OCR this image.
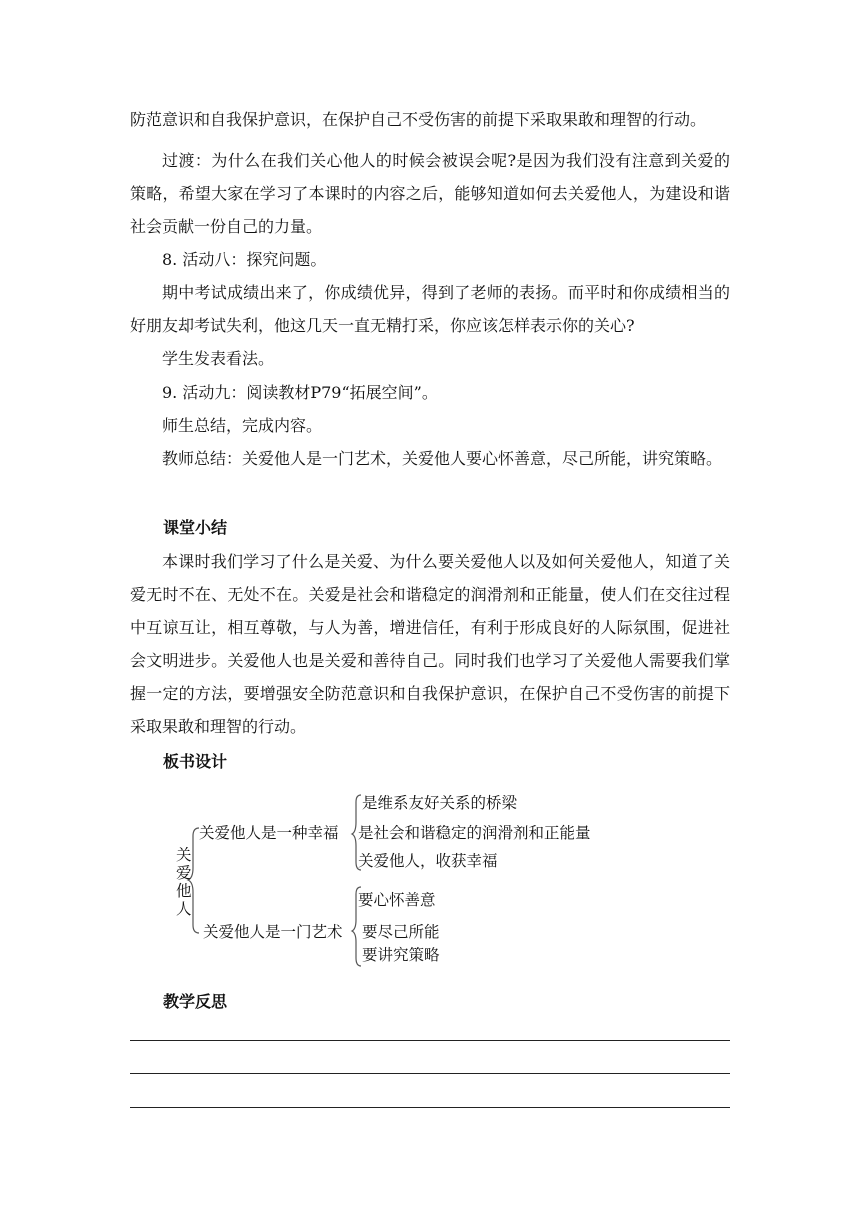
防范意识和自我保护意识，在保护自己不受伤害的前提下采取果敢和理智的行动。

过渡：为什么在我们关心他人的时候会被误会呢?是因为我们没有注意到关爱的策略，希望大家在学习了本课时的内容之后，能够知道如何去关爱他人，为建设和谐社会贡献一份自己的力量。

8. 活动八：探究问题。

期中考试成绩出来了，你成绩优异，得到了老师的表扬。而平时和你成绩相当的好朋友却考试失利，他这几天一直无精打采，你应该怎样表示你的关心?

学生发表看法。

9. 活动九：阅读教材P79“拓展空间”。

师生总结，完成内容。

教师总结：关爱他人是一门艺术，关爱他人要心怀善意，尽己所能，讲究策略。

课堂小结

本课时我们学习了什么是关爱、为什么要关爱他人以及如何关爱他人，知道了关爱无时不在、无处不在。关爱是社会和谐稳定的润滑剂和正能量，使人们在交往过程中互谅互让，相互尊敬，与人为善，增进信任，有利于形成良好的人际氛围，促进社会文明进步。关爱他人也是关爱和善待自己。同时我们也学习了关爱他人需要我们掌握一定的方法，要增强安全防范意识和自我保护意识，在保护自己不受伤害的前提下采取果敢和理智的行动。

板书设计
关
爱
他
人
关爱他人是一种幸福
是维系友好关系的桥梁
是社会和谐稳定的润滑剂和正能量
关爱他人，收获幸福
关爱他人是一门艺术
要心怀善意
要尽己所能
要讲究策略
教学反思
